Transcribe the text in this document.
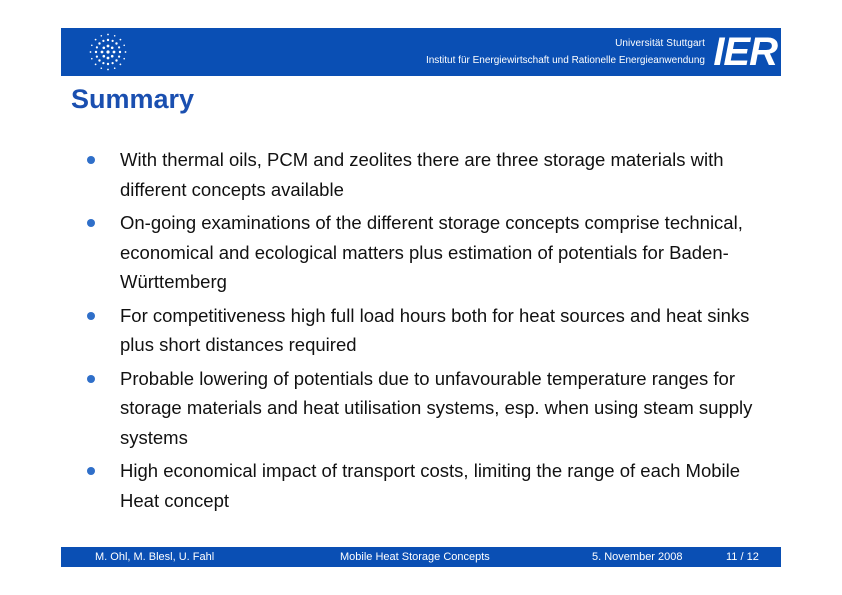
Universität Stuttgart
Institut für Energiewirtschaft und Rationelle Energieanwendung IER
Summary
With thermal oils, PCM and zeolites there are three storage materials with different concepts available
On-going examinations of the different storage concepts comprise technical, economical and ecological matters plus estimation of potentials for Baden-Württemberg
For competitiveness high full load hours both for heat sources and heat sinks plus short distances required
Probable lowering of potentials due to unfavourable temperature ranges for storage materials and heat utilisation systems, esp. when using steam supply systems
High economical impact of transport costs, limiting the range of each Mobile Heat concept
M. Ohl, M. Blesl, U. Fahl	Mobile Heat Storage Concepts	5. November 2008	11 / 12
